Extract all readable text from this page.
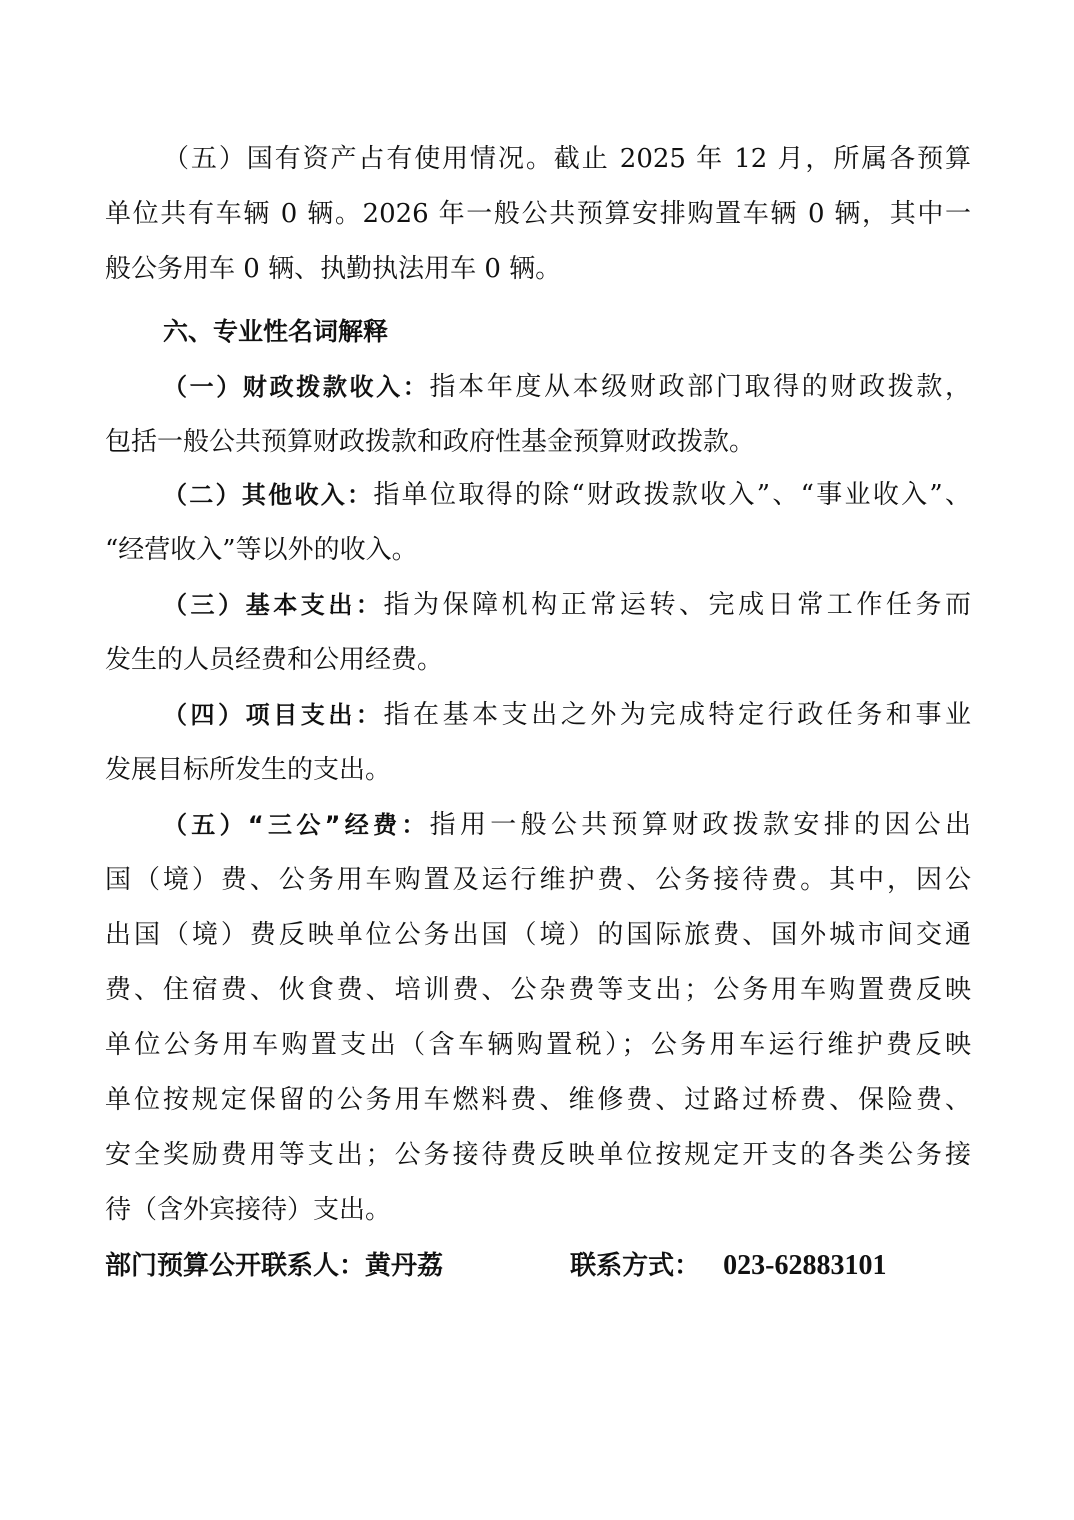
（五）国有资产占有使用情况。截止 2025 年 12 月，所属各预算
单位共有车辆 0 辆。2026 年一般公共预算安排购置车辆 0 辆，其中一
般公务用车 0 辆、执勤执法用车 0 辆。
六、专业性名词解释
（一）财政拨款收入：指本年度从本级财政部门取得的财政拨款，
包括一般公共预算财政拨款和政府性基金预算财政拨款。
（二）其他收入：指单位取得的除“财政拨款收入”、“事业收入”、
“经营收入”等以外的收入。
（三）基本支出：指为保障机构正常运转、完成日常工作任务而
发生的人员经费和公用经费。
（四）项目支出：指在基本支出之外为完成特定行政任务和事业
发展目标所发生的支出。
（五）“三公”经费：指用一般公共预算财政拨款安排的因公出
国（境）费、公务用车购置及运行维护费、公务接待费。其中，因公
出国（境）费反映单位公务出国（境）的国际旅费、国外城市间交通
费、住宿费、伙食费、培训费、公杂费等支出；公务用车购置费反映
单位公务用车购置支出（含车辆购置税）；公务用车运行维护费反映
单位按规定保留的公务用车燃料费、维修费、过路过桥费、保险费、
安全奖励费用等支出；公务接待费反映单位按规定开支的各类公务接
待（含外宾接待）支出。
部门预算公开联系人：黄丹荔	联系方式： 023-62883101
